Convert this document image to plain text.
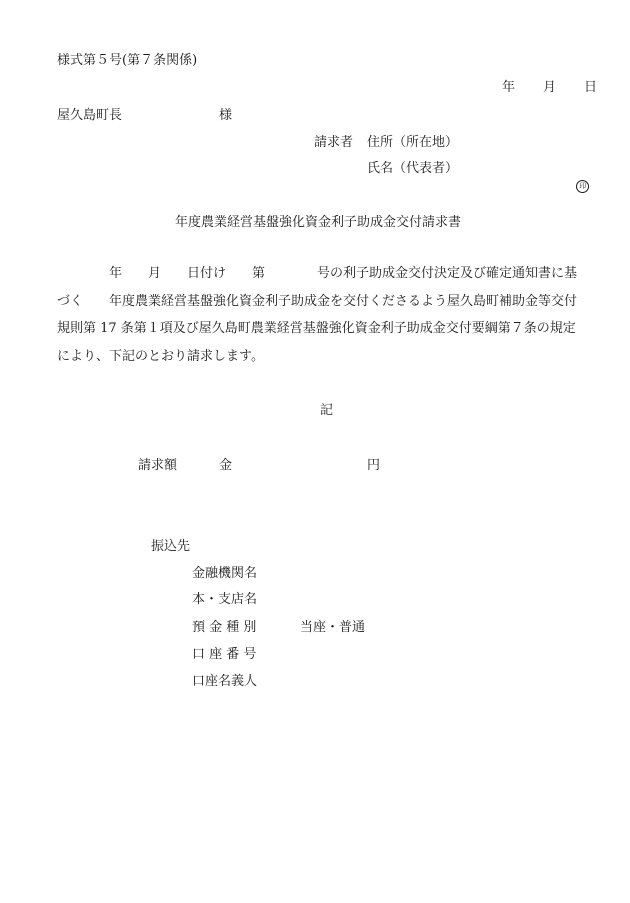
様式第５号(第７条関係)
年 月 日
屋久島町長	様
請求者 住所（所在地）
氏名（代表者）

印

年度農業経営基盤強化資金利子助成金交付請求書
　　　　年　　月　　日付け　　第　　　　号の利子助成金交付決定及び確定通知書に基
づく　　年度農業経営基盤強化資金利子助成金を交付くださるよう屋久島町補助金等交付
規則第 17 条第１項及び屋久島町農業経営基盤強化資金利子助成金交付要綱第７条の規定
により、下記のとおり請求します。
記
請求額	金	円
振込先
金融機関名
本・支店名
預 金 種 別	当座・普通
口 座 番 号
口座名義人
